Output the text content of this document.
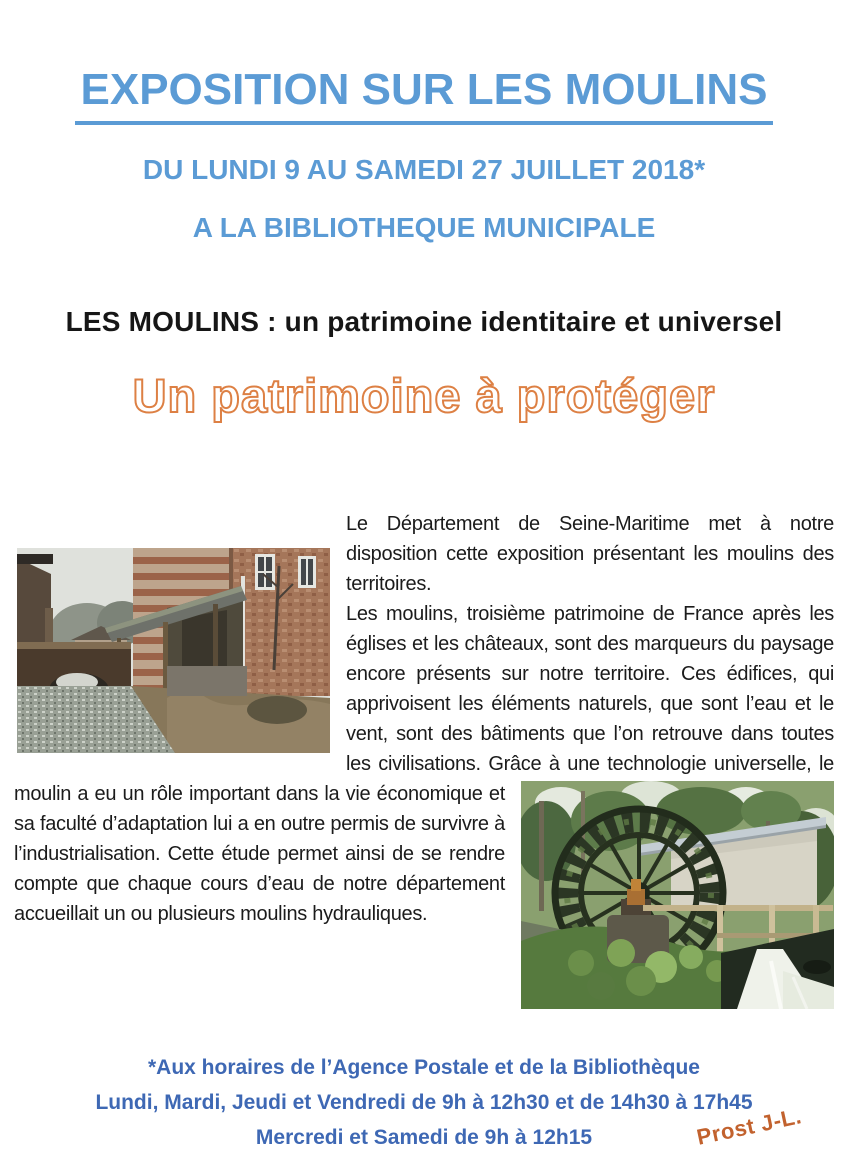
EXPOSITION SUR LES MOULINS
DU LUNDI 9 AU SAMEDI 27 JUILLET 2018*
A LA BIBLIOTHEQUE MUNICIPALE
LES MOULINS : un patrimoine identitaire et universel
Un patrimoine à protéger

Le Département de Seine-Maritime met à notre disposition cette exposition présentant les moulins des territoires.

Les moulins, troisième patrimoine de France après les églises et les châteaux, sont des marqueurs du paysage encore présents sur notre territoire. Ces édifices, qui apprivoisent les éléments naturels, que sont l’eau et le vent, sont des bâtiments que l’on retrouve dans toutes les civilisations. Grâce à une technologie universelle, le moulin a eu un rôle
important dans la vie économique et sa faculté d’adaptation lui a en outre permis de survivre à l’industrialisation. Cette étude permet ainsi de se rendre compte que chaque cours d’eau de notre département accueillait un ou plusieurs moulins hydrauliques.

*Aux horaires de l’Agence Postale et de la Bibliothèque
Lundi, Mardi, Jeudi et Vendredi de 9h à 12h30 et de 14h30 à 17h45
Mercredi et Samedi de 9h à 12h15	Prost J-L.
